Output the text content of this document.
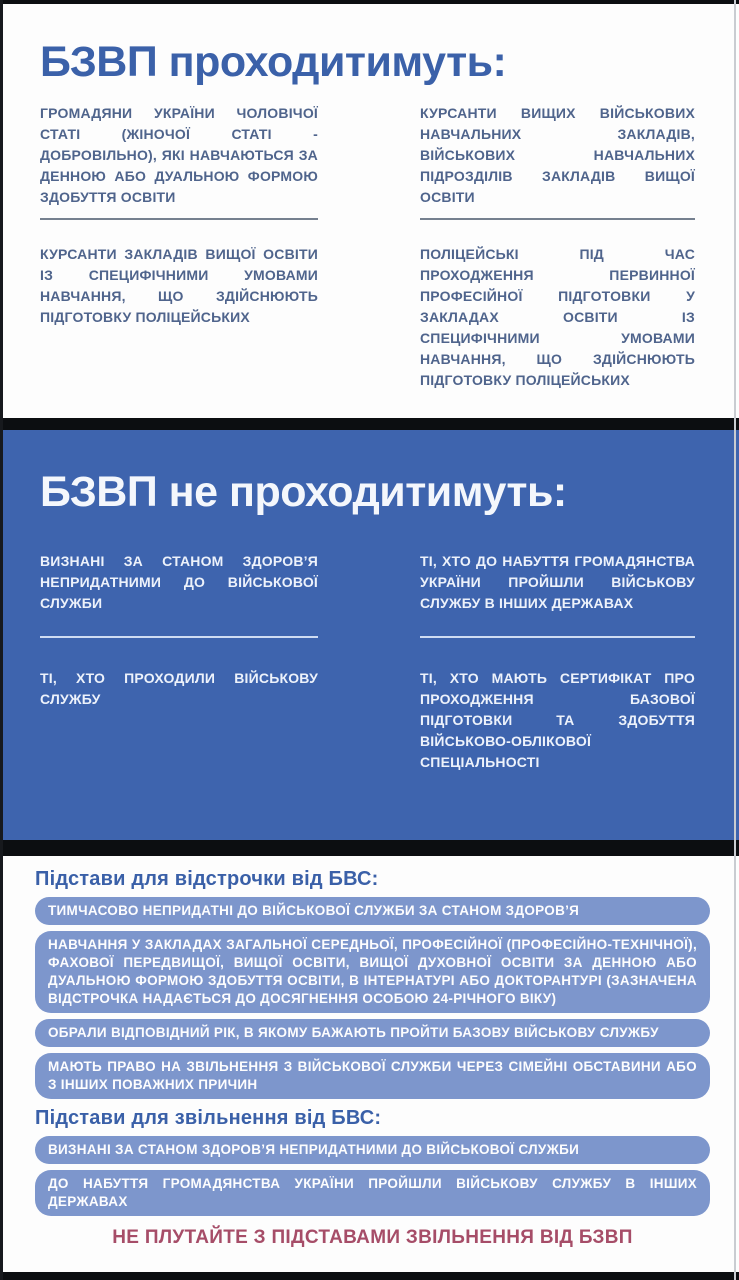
БЗВП проходитимуть:

ГРОМАДЯНИ УКРАЇНИ ЧОЛОВІЧОЇ СТАТІ (ЖІНОЧОЇ СТАТІ - ДОБРОВІЛЬНО), ЯКІ НАВЧАЮТЬСЯ ЗА ДЕННОЮ АБО ДУАЛЬНОЮ ФОРМОЮ ЗДОБУТТЯ ОСВІТИ

КУРСАНТИ ВИЩИХ ВІЙСЬКОВИХ НАВЧАЛЬНИХ ЗАКЛАДІВ, ВІЙСЬКОВИХ НАВЧАЛЬНИХ ПІДРОЗДІЛІВ ЗАКЛАДІВ ВИЩОЇ ОСВІТИ

КУРСАНТИ ЗАКЛАДІВ ВИЩОЇ ОСВІТИ ІЗ СПЕЦИФІЧНИМИ УМОВАМИ НАВЧАННЯ, ЩО ЗДІЙСНЮЮТЬ ПІДГОТОВКУ ПОЛІЦЕЙСЬКИХ

ПОЛІЦЕЙСЬКІ ПІД ЧАС ПРОХОДЖЕННЯ ПЕРВИННОЇ ПРОФЕСІЙНОЇ ПІДГОТОВКИ У ЗАКЛАДАХ ОСВІТИ ІЗ СПЕЦИФІЧНИМИ УМОВАМИ НАВЧАННЯ, ЩО ЗДІЙСНЮЮТЬ ПІДГОТОВКУ ПОЛІЦЕЙСЬКИХ

БЗВП не проходитимуть:

ВИЗНАНІ ЗА СТАНОМ ЗДОРОВ’Я НЕПРИДАТНИМИ ДО ВІЙСЬКОВОЇ СЛУЖБИ

ТІ, ХТО ДО НАБУТТЯ ГРОМАДЯНСТВА УКРАЇНИ ПРОЙШЛИ ВІЙСЬКОВУ СЛУЖБУ В ІНШИХ ДЕРЖАВАХ

ТІ, ХТО ПРОХОДИЛИ ВІЙСЬКОВУ СЛУЖБУ

ТІ, ХТО МАЮТЬ СЕРТИФІКАТ ПРО ПРОХОДЖЕННЯ БАЗОВОЇ ПІДГОТОВКИ ТА ЗДОБУТТЯ ВІЙСЬКОВО-ОБЛІКОВОЇ СПЕЦІАЛЬНОСТІ

Підстави для відстрочки від БВС:
ТИМЧАСОВО НЕПРИДАТНІ ДО ВІЙСЬКОВОЇ СЛУЖБИ ЗА СТАНОМ ЗДОРОВ’Я
НАВЧАННЯ У ЗАКЛАДАХ ЗАГАЛЬНОЇ СЕРЕДНЬОЇ, ПРОФЕСІЙНОЇ (ПРОФЕСІЙНО-ТЕХНІЧНОЇ), ФАХОВОЇ ПЕРЕДВИЩОЇ, ВИЩОЇ ОСВІТИ, ВИЩОЇ ДУХОВНОЇ ОСВІТИ ЗА ДЕННОЮ АБО ДУАЛЬНОЮ ФОРМОЮ ЗДОБУТТЯ ОСВІТИ, В ІНТЕРНАТУРІ АБО ДОКТОРАНТУРІ (ЗАЗНАЧЕНА ВІДСТРОЧКА НАДАЄТЬСЯ ДО ДОСЯГНЕННЯ ОСОБОЮ 24-РІЧНОГО ВІКУ)
ОБРАЛИ ВІДПОВІДНИЙ РІК, В ЯКОМУ БАЖАЮТЬ ПРОЙТИ БАЗОВУ ВІЙСЬКОВУ СЛУЖБУ
МАЮТЬ ПРАВО НА ЗВІЛЬНЕННЯ З ВІЙСЬКОВОЇ СЛУЖБИ ЧЕРЕЗ СІМЕЙНІ ОБСТАВИНИ АБО З ІНШИХ ПОВАЖНИХ ПРИЧИН
Підстави для звільнення від БВС:
ВИЗНАНІ ЗА СТАНОМ ЗДОРОВ’Я НЕПРИДАТНИМИ ДО ВІЙСЬКОВОЇ СЛУЖБИ
ДО НАБУТТЯ ГРОМАДЯНСТВА УКРАЇНИ ПРОЙШЛИ ВІЙСЬКОВУ СЛУЖБУ В ІНШИХ ДЕРЖАВАХ
НЕ ПЛУТАЙТЕ З ПІДСТАВАМИ ЗВІЛЬНЕННЯ ВІД БЗВП
